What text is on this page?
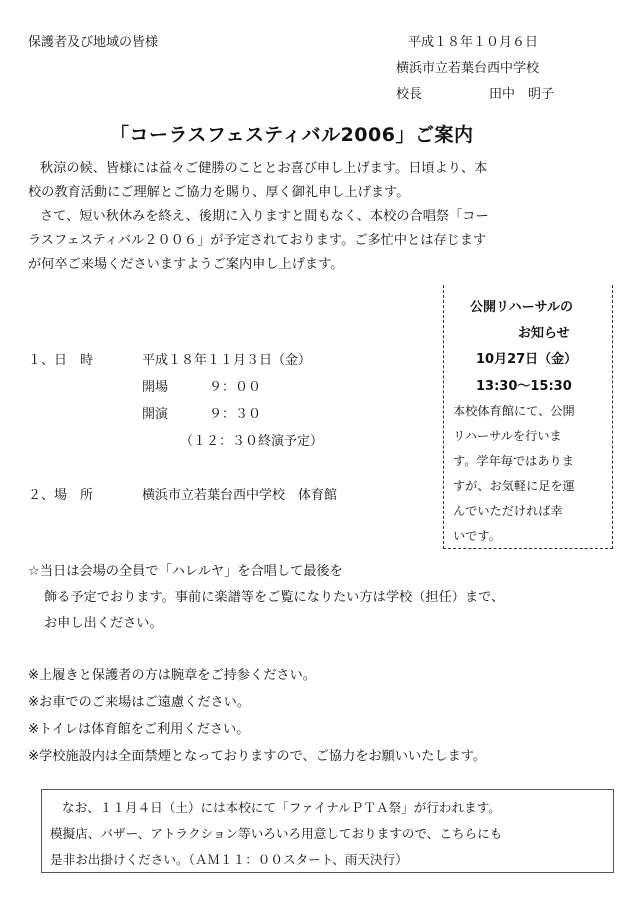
保護者及び地域の皆様	平成１８年１０月６日
横浜市立若葉台西中学校
校長	田中　明子
「コーラスフェスティバル2006」ご案内

秋涼の候、皆様には益々ご健勝のこととお喜び申し上げます。日頃より、本

校の教育活動にご理解とご協力を賜り、厚く御礼申し上げます。

さて、短い秋休みを終え、後期に入りますと間もなく、本校の合唱祭「コー

ラスフェスティバル２００６」が予定されております。ご多忙中とは存じます

が何卒ご来場くださいますようご案内申し上げます。

１、日　時	平成１８年１１月３日（金）
開場	９：００
開演	９：３０
（１２：３０終演予定）
２、場　所	横浜市立若葉台西中学校　体育館
公開リハーサルの
お知らせ
10月27日（金）
13:30〜15:30
本校体育館にて、公開
リハーサルを行いま
す。学年毎ではありま
すが、お気軽に足を運
んでいただければ幸
いです。
☆当日は会場の全員で「ハレルヤ」を合唱して最後を
飾る予定でおります。事前に楽譜等をご覧になりたい方は学校（担任）まで、
お申し出ください。
※上履きと保護者の方は腕章をご持参ください。
※お車でのご来場はご遠慮ください。
※トイレは体育館をご利用ください。
※学校施設内は全面禁煙となっておりますので、ご協力をお願いいたします。
なお、１１月４日（土）には本校にて「ファイナルＰＴＡ祭」が行われます。
模擬店、バザー、アトラクション等いろいろ用意しておりますので、こちらにも
是非お出掛けください。（ＡＭ１１：００スタート、雨天決行）
